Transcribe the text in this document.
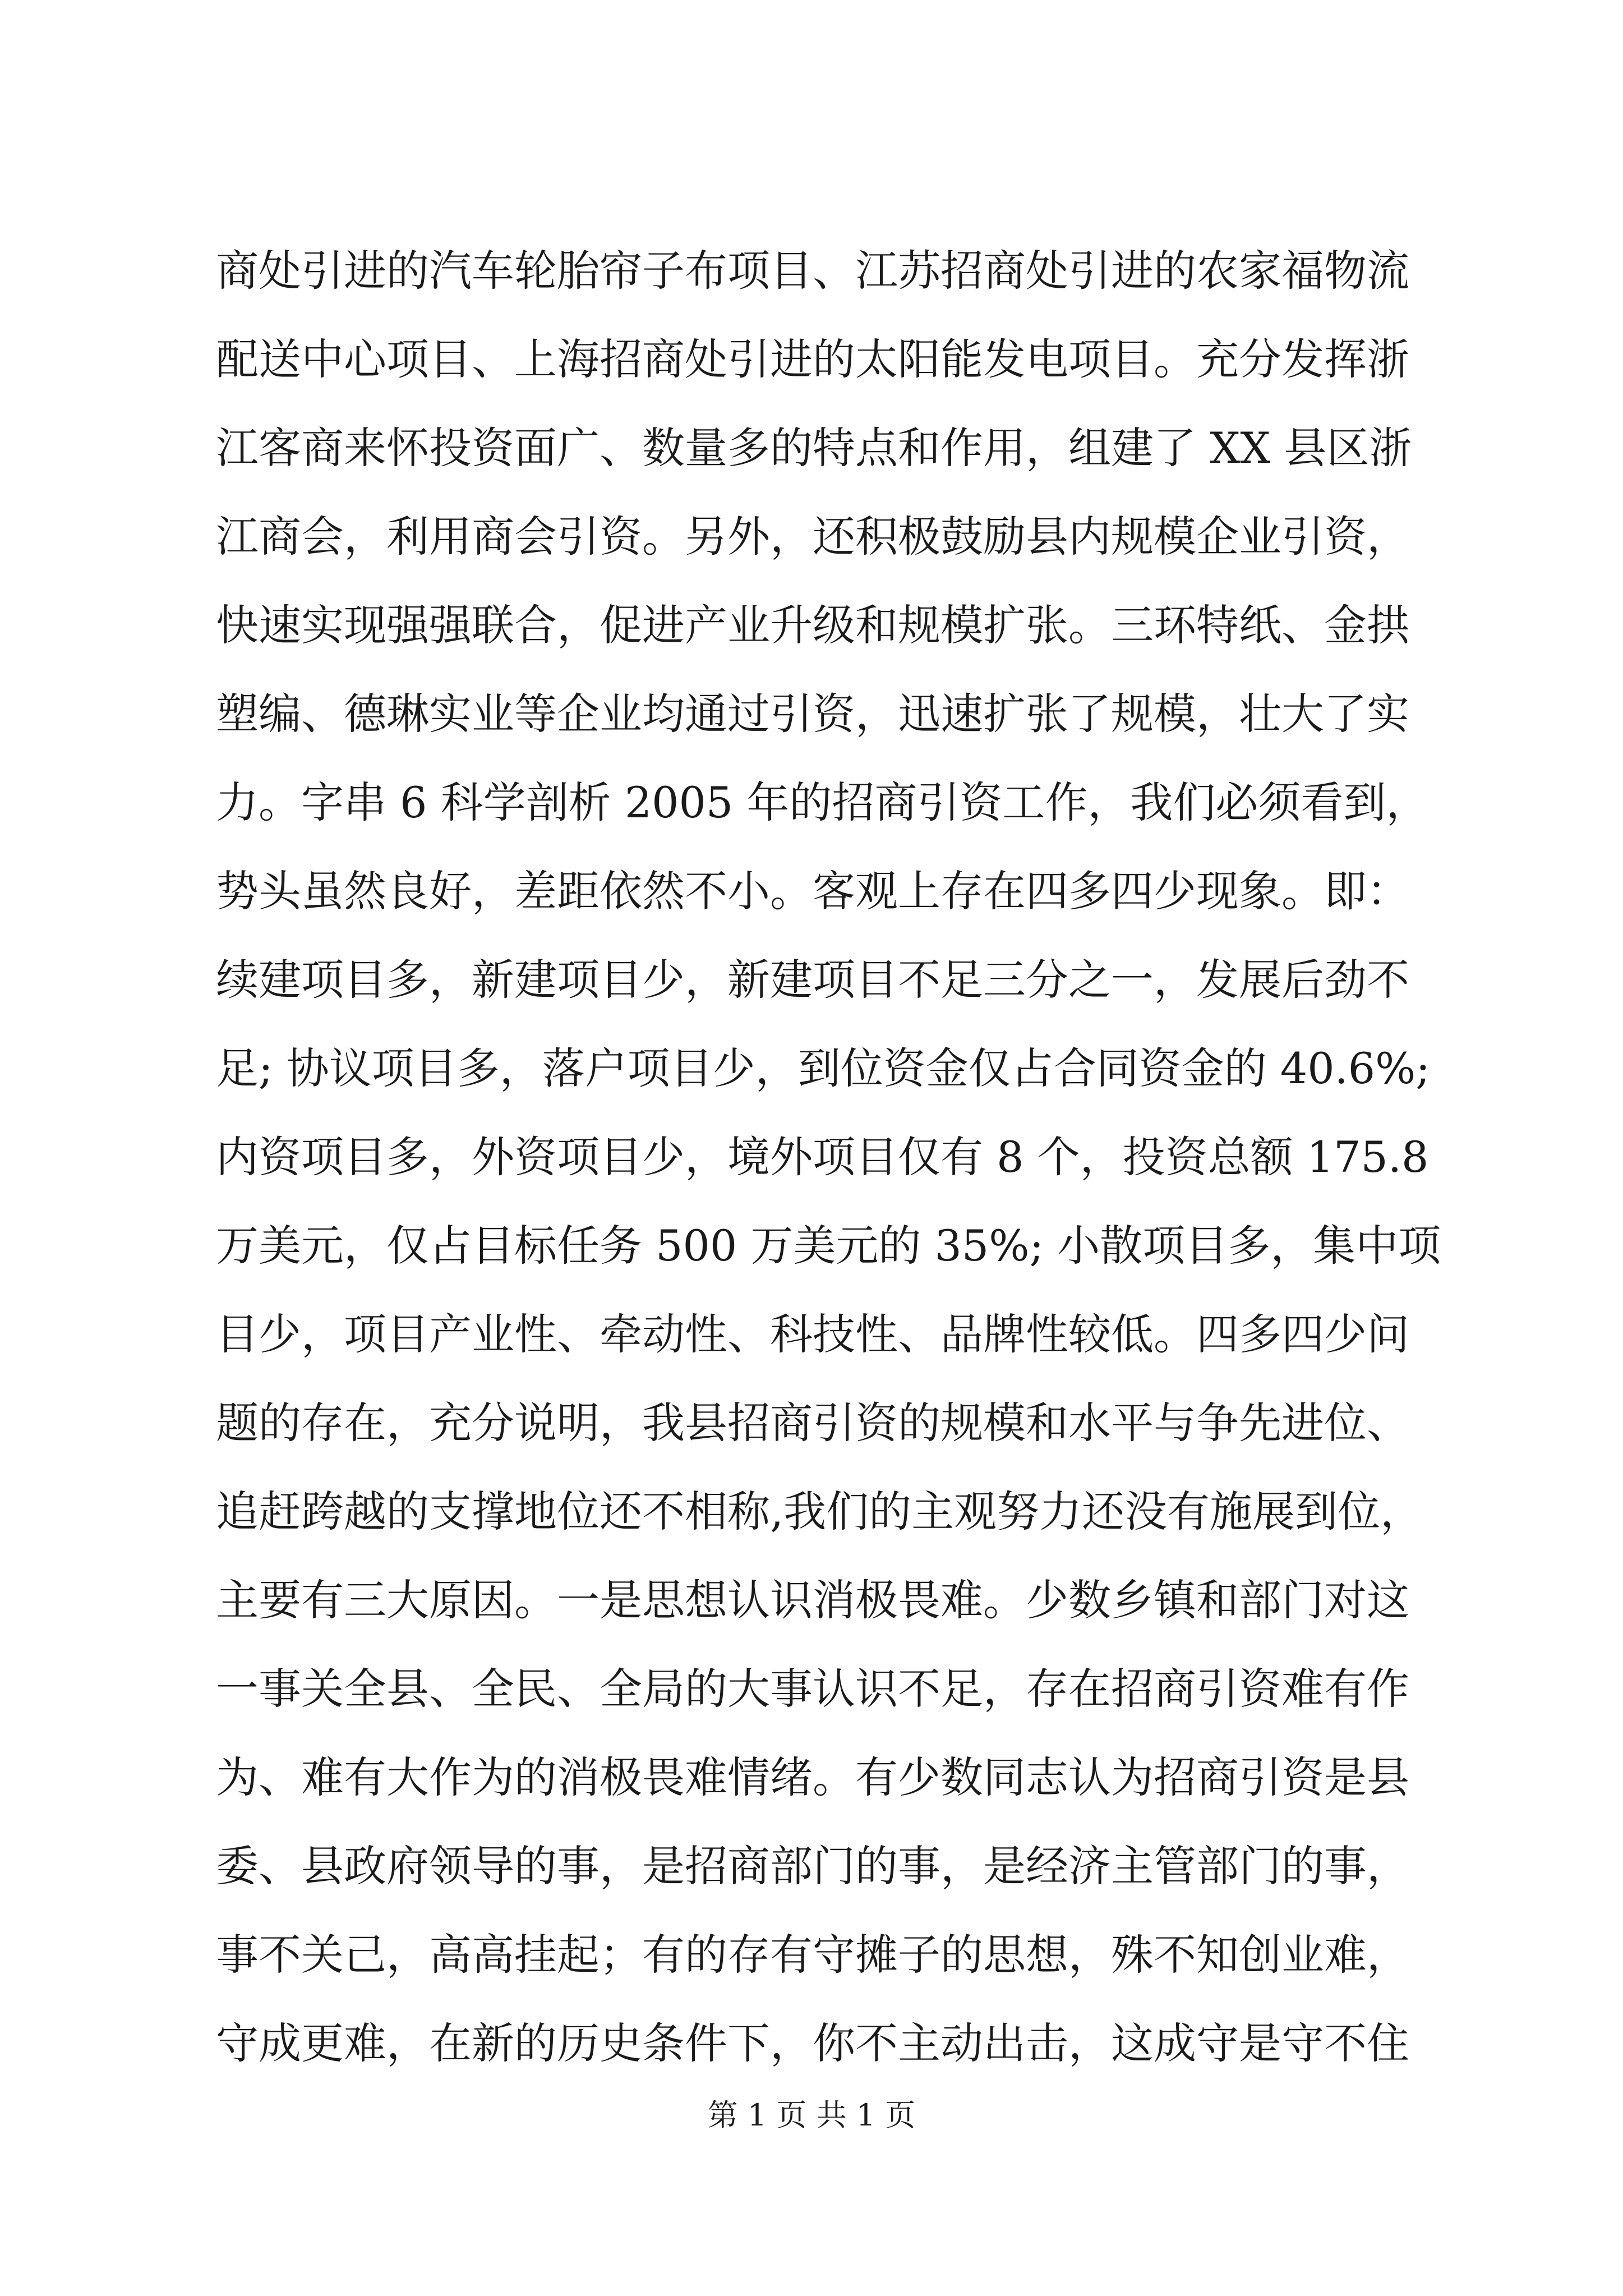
商处引进的汽车轮胎帘子布项目、江苏招商处引进的农家福物流
配送中心项目、上海招商处引进的太阳能发电项目。充分发挥浙
江客商来怀投资面广、数量多的特点和作用，组建了 XX 县区浙
江商会，利用商会引资。另外，还积极鼓励县内规模企业引资，
快速实现强强联合，促进产业升级和规模扩张。三环特纸、金拱
塑编、德琳实业等企业均通过引资，迅速扩张了规模，壮大了实
力。字串 6 科学剖析 2005 年的招商引资工作，我们必须看到，
势头虽然良好，差距依然不小。客观上存在四多四少现象。即：
续建项目多，新建项目少，新建项目不足三分之一，发展后劲不
足; 协议项目多，落户项目少，到位资金仅占合同资金的 40.6%;
内资项目多，外资项目少，境外项目仅有 8 个，投资总额 175.8
万美元，仅占目标任务 500 万美元的 35%; 小散项目多，集中项
目少，项目产业性、牵动性、科技性、品牌性较低。四多四少问
题的存在，充分说明，我县招商引资的规模和水平与争先进位、
追赶跨越的支撑地位还不相称,我们的主观努力还没有施展到位，
主要有三大原因。一是思想认识消极畏难。少数乡镇和部门对这
一事关全县、全民、全局的大事认识不足，存在招商引资难有作
为、难有大作为的消极畏难情绪。有少数同志认为招商引资是县
委、县政府领导的事，是招商部门的事，是经济主管部门的事，
事不关己，高高挂起；有的存有守摊子的思想，殊不知创业难，
守成更难，在新的历史条件下，你不主动出击，这成守是守不住
第 1 页 共 1 页
